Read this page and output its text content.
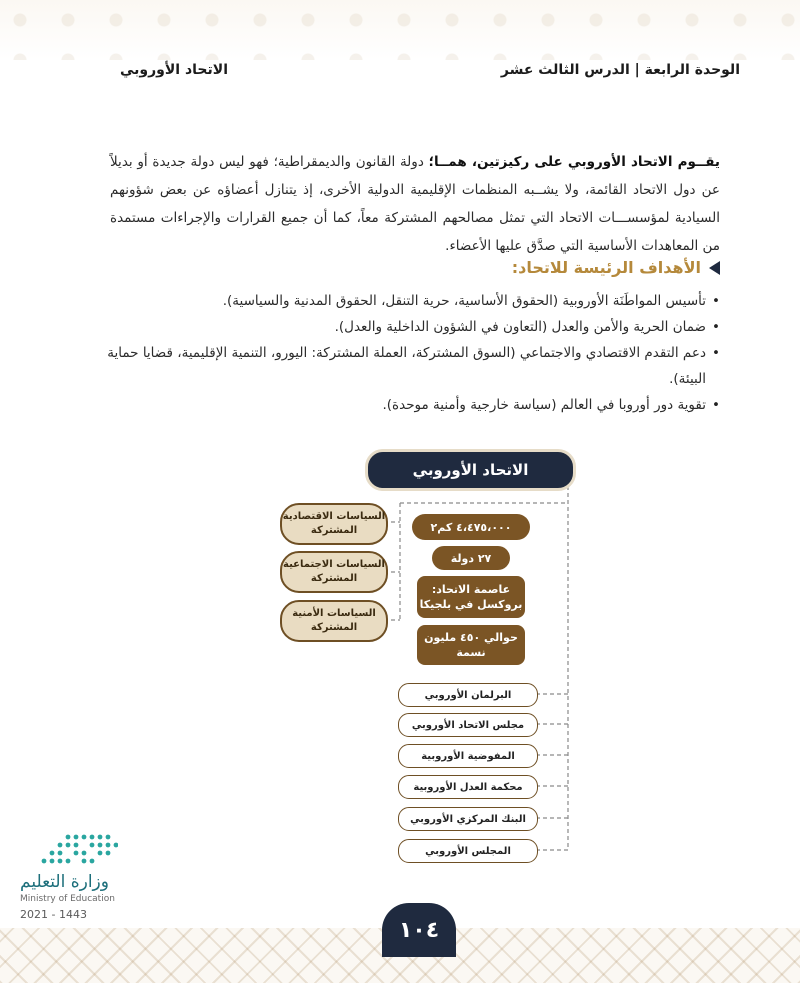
الوحدة الرابعة | الدرس الثالث عشر
الاتحاد الأوروبي
يقــوم الاتحاد الأوروبي على ركيزتين، همــا؛ دولة القانون والديمقراطية؛ فهو ليس دولة جديدة أو بديلاً عن دول الاتحاد القائمة، ولا يشــبه المنظمات الإقليمية الدولية الأخرى، إذ يتنازل أعضاؤه عن بعض شؤونهم السيادية لمؤسســـات الاتحاد التي تمثل مصالحهم المشتركة معاً، كما أن جميع القرارات والإجراءات مستمدة من المعاهدات الأساسية التي صدَّق عليها الأعضاء.
الأهداف الرئيسة للاتحاد:
• تأسيس المواطَنَة الأوروبية (الحقوق الأساسية، حرية التنقل، الحقوق المدنية والسياسية).
• ضمان الحرية والأمن والعدل (التعاون في الشؤون الداخلية والعدل).
• دعم التقدم الاقتصادي والاجتماعي (السوق المشتركة، العملة المشتركة: اليورو، التنمية الإقليمية، قضايا حماية البيئة).
• تقوية دور أوروبا في العالم (سياسة خارجية وأمنية موحدة).
الاتحاد الأوروبي
السياسات الاقتصادية المشتركة
السياسات الاجتماعية المشتركة
السياسات الأمنية المشتركة
٤،٤٧٥،٠٠٠ كم٢
٢٧ دولة
عاصمة الاتحاد: بروكسل في بلجيكا
حوالي ٤٥٠ مليون نسمة
البرلمان الأوروبي
مجلس الاتحاد الأوروبي
المفوضية الأوروبية
محكمة العدل الأوروبية
البنك المركزي الأوروبي
المجلس الأوروبي
وزارة التعليم
Ministry of Education
2021 - 1443
١٠٤
